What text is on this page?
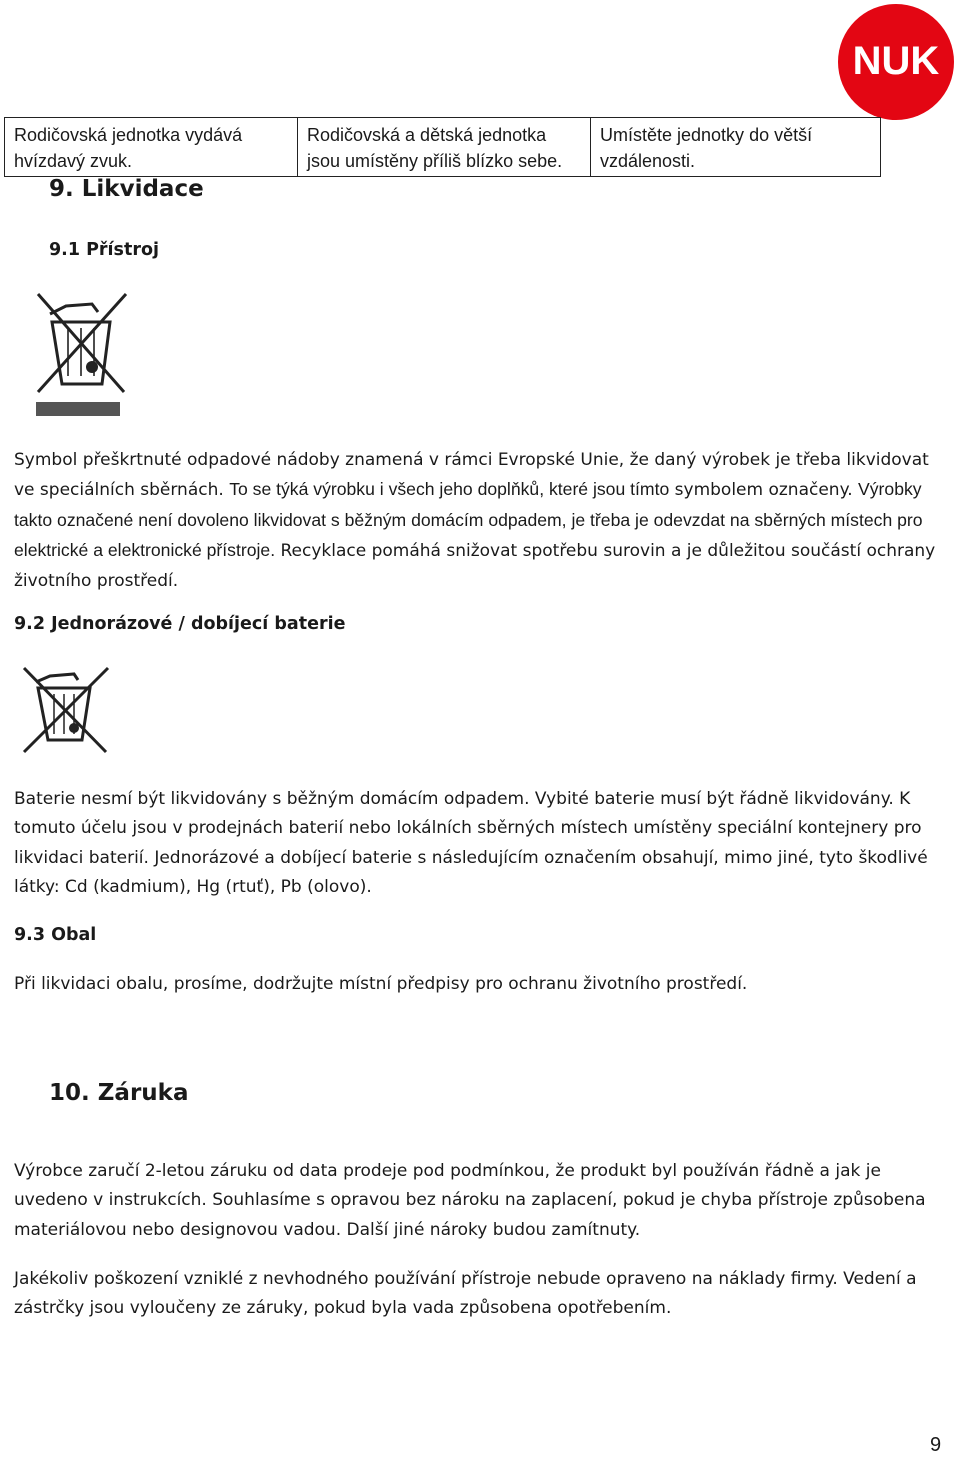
NUK
Rodičovská jednotka vydává hvízdavý zvuk.	Rodičovská a dětská jednotka jsou umístěny příliš blízko sebe.	Umístěte jednotky do větší vzdálenosti.
9. Likvidace
9.1 Přístroj
Symbol přeškrtnuté odpadové nádoby znamená v rámci Evropské Unie, že daný výrobek je třeba likvidovat ve speciálních sběrnách. To se týká výrobku i všech jeho doplňků, které jsou tímto symbolem označeny. Výrobky takto označené není dovoleno likvidovat s běžným domácím odpadem, je třeba je odevzdat na sběrných místech pro elektrické a elektronické přístroje. Recyklace pomáhá snižovat spotřebu surovin a je důležitou součástí ochrany životního prostředí.
9.2 Jednorázové / dobíjecí baterie
Baterie nesmí být likvidovány s běžným domácím odpadem. Vybité baterie musí být řádně likvidovány. K tomuto účelu jsou v prodejnách baterií nebo lokálních sběrných místech umístěny speciální kontejnery pro likvidaci baterií. Jednorázové a dobíjecí baterie s následujícím označením obsahují, mimo jiné, tyto škodlivé látky: Cd (kadmium), Hg (rtuť), Pb (olovo).
9.3 Obal
Při likvidaci obalu, prosíme, dodržujte místní předpisy pro ochranu životního prostředí.
10. Záruka
Výrobce zaručí 2-letou záruku od data prodeje pod podmínkou, že produkt byl používán řádně a jak je uvedeno v instrukcích. Souhlasíme s opravou bez nároku na zaplacení, pokud je chyba přístroje způsobena materiálovou nebo designovou vadou. Další jiné nároky budou zamítnuty.
Jakékoliv poškození vzniklé z nevhodného používání přístroje nebude opraveno na náklady firmy. Vedení a zástrčky jsou vyloučeny ze záruky, pokud byla vada způsobena opotřebením.
9
